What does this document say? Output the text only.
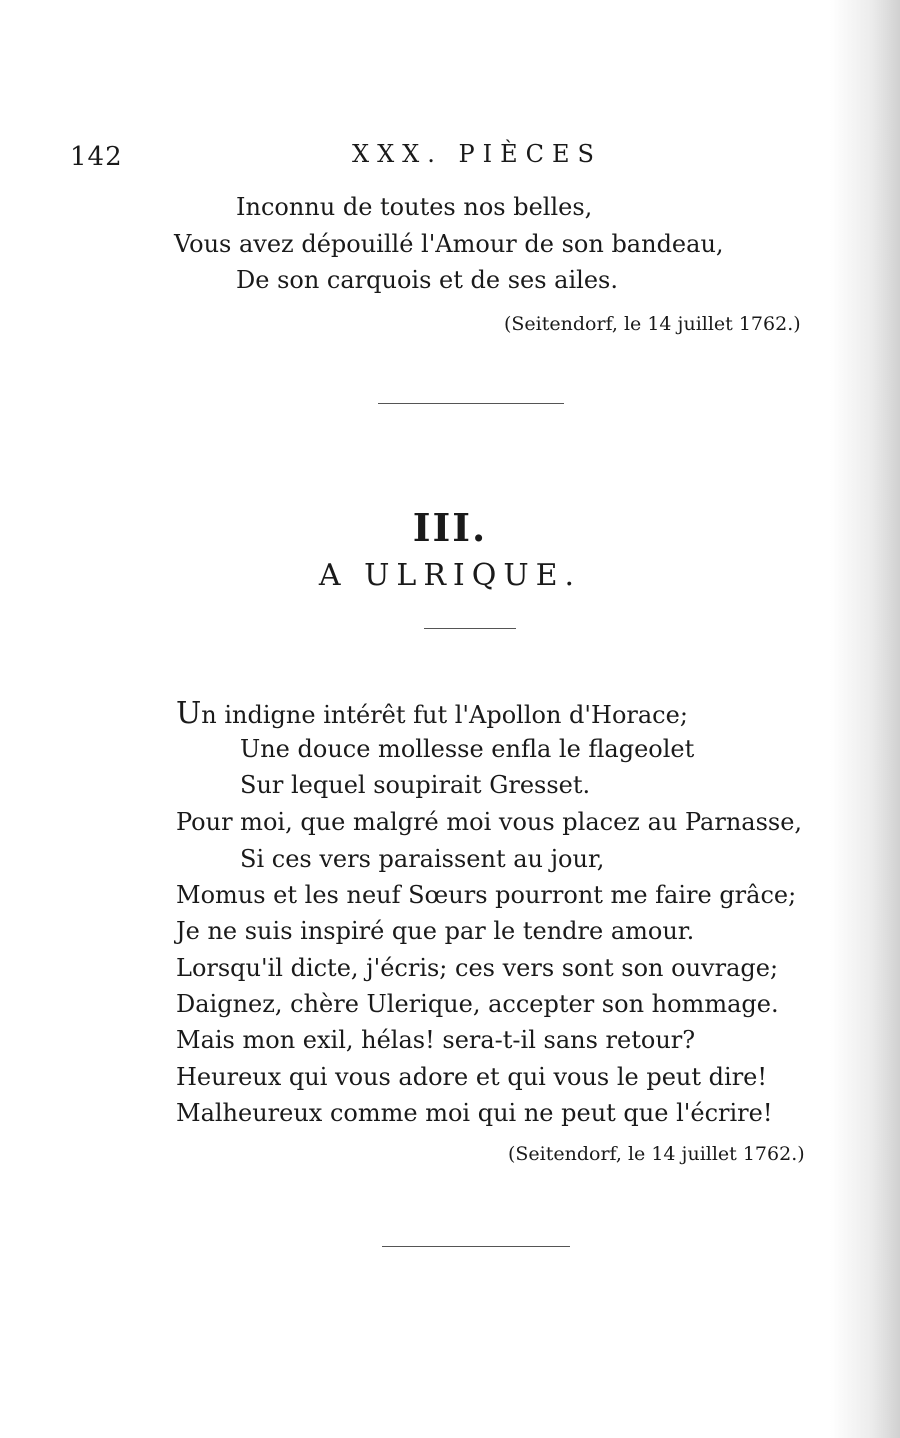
142	XXX. PIÈCES
Inconnu de toutes nos belles,
Vous avez dépouillé l'Amour de son bandeau,
De son carquois et de ses ailes.
(Seitendorf, le 14 juillet 1762.)
III.
A ULRIQUE.
Un indigne intérêt fut l'Apollon d'Horace;
Une douce mollesse enfla le flageolet
Sur lequel soupirait Gresset.
Pour moi, que malgré moi vous placez au Parnasse,
Si ces vers paraissent au jour,
Momus et les neuf Sœurs pourront me faire grâce;
Je ne suis inspiré que par le tendre amour.
Lorsqu'il dicte, j'écris; ces vers sont son ouvrage;
Daignez, chère Ulerique, accepter son hommage.
Mais mon exil, hélas! sera-t-il sans retour?
Heureux qui vous adore et qui vous le peut dire!
Malheureux comme moi qui ne peut que l'écrire!
(Seitendorf, le 14 juillet 1762.)
